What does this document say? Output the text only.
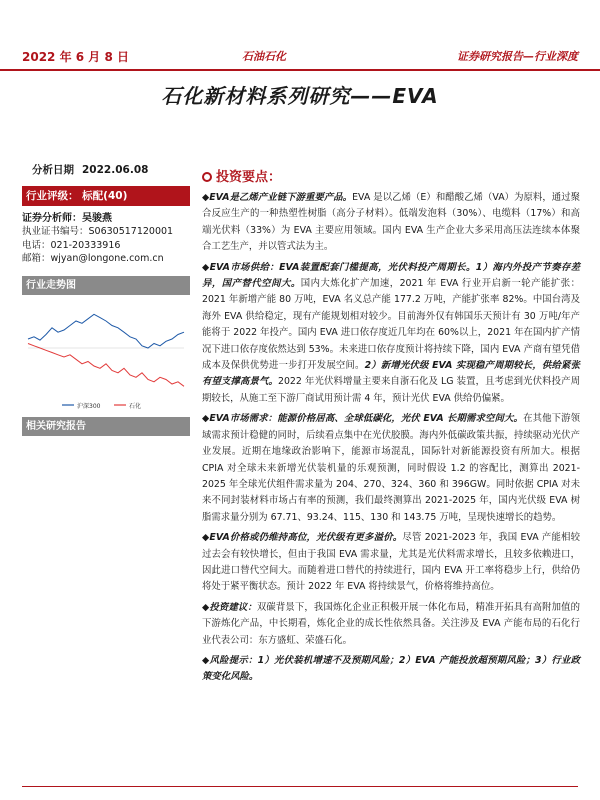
2022 年 6 月 8 日	石油石化	证券研究报告—行业深度
石化新材料系列研究——EVA
分析日期 2022.06.08
行业评级： 标配(40)
证券分析师：吴骏燕
执业证书编号：S0630517120001
电话：021-20333916
邮箱：wjyan@longone.com.cn
行业走势图
沪深300	石化
相关研究报告
投资要点：

◆EVA是乙烯产业链下游重要产品。EVA 是以乙烯（E）和醋酸乙烯（VA）为原料，通过聚合反应生产的一种热塑性树脂（高分子材料）。低端发泡料（30%）、电缆料（17%）和高端光伏料（33%）为 EVA 主要应用领域。国内 EVA 生产企业大多采用高压法连续本体聚合工艺生产，并以管式法为主。

◆EVA市场供给：EVA装置配套门槛提高，光伏料投产周期长。1）海内外投产节奏存差异，国产替代空间大。国内大炼化扩产加速，2021 年 EVA 行业开启新一轮产能扩张：2021 年新增产能 80 万吨，EVA 名义总产能 177.2 万吨，产能扩张率 82%。中国台湾及海外 EVA 供给稳定，现有产能规划相对较少。目前海外仅有韩国乐天预计有 30 万吨/年产能将于 2022 年投产。国内 EVA 进口依存度近几年均在 60%以上，2021 年在国内扩产情况下进口依存度依然达到 53%。未来进口依存度预计将持续下降，国内 EVA 产商有望凭借成本及保供优势进一步打开发展空间。2）新增光伏级 EVA 实现稳产周期较长，供给紧张有望支撑高景气。2022 年光伏料增量主要来自浙石化及 LG 装置，且考虑到光伏料投产周期较长，从施工至下游厂商试用预计需 4 年，预计光伏 EVA 供给仍偏紧。

◆EVA市场需求：能源价格居高、全球低碳化，光伏 EVA 长期需求空间大。在其他下游领域需求预计稳健的同时，后续看点集中在光伏胶膜。海内外低碳政策共振，持续驱动光伏产业发展。近期在地缘政治影响下，能源市场混乱，国际针对新能源投资有所加大。根据 CPIA 对全球未来新增光伏装机量的乐观预测，同时假设 1.2 的容配比，测算出 2021-2025 年全球光伏组件需求量为 204、270、324、360 和 396GW。同时依据 CPIA 对未来不同封装材料市场占有率的预测，我们最终测算出 2021-2025 年，国内光伏级 EVA 树脂需求量分别为 67.71、93.24、115、130 和 143.75 万吨，呈现快速增长的趋势。

◆EVA价格或仍维持高位，光伏级有更多溢价。尽管 2021-2023 年，我国 EVA 产能相较过去会有较快增长，但由于我国 EVA 需求量，尤其是光伏料需求增长，且较多依赖进口，因此进口替代空间大。而随着进口替代的持续进行，国内 EVA 开工率将稳步上行，供给仍将处于紧平衡状态。预计 2022 年 EVA 将持续景气，价格将维持高位。

◆投资建议：双碳背景下，我国炼化企业正积极开展一体化布局，精准开拓具有高附加值的下游炼化产品，中长期看，炼化企业的成长性依然具备。关注涉及 EVA 产能布局的石化行业代表公司：东方盛虹、荣盛石化。

◆风险提示：1）光伏装机增速不及预期风险；2）EVA 产能投放超预期风险；3）行业政策变化风险。
